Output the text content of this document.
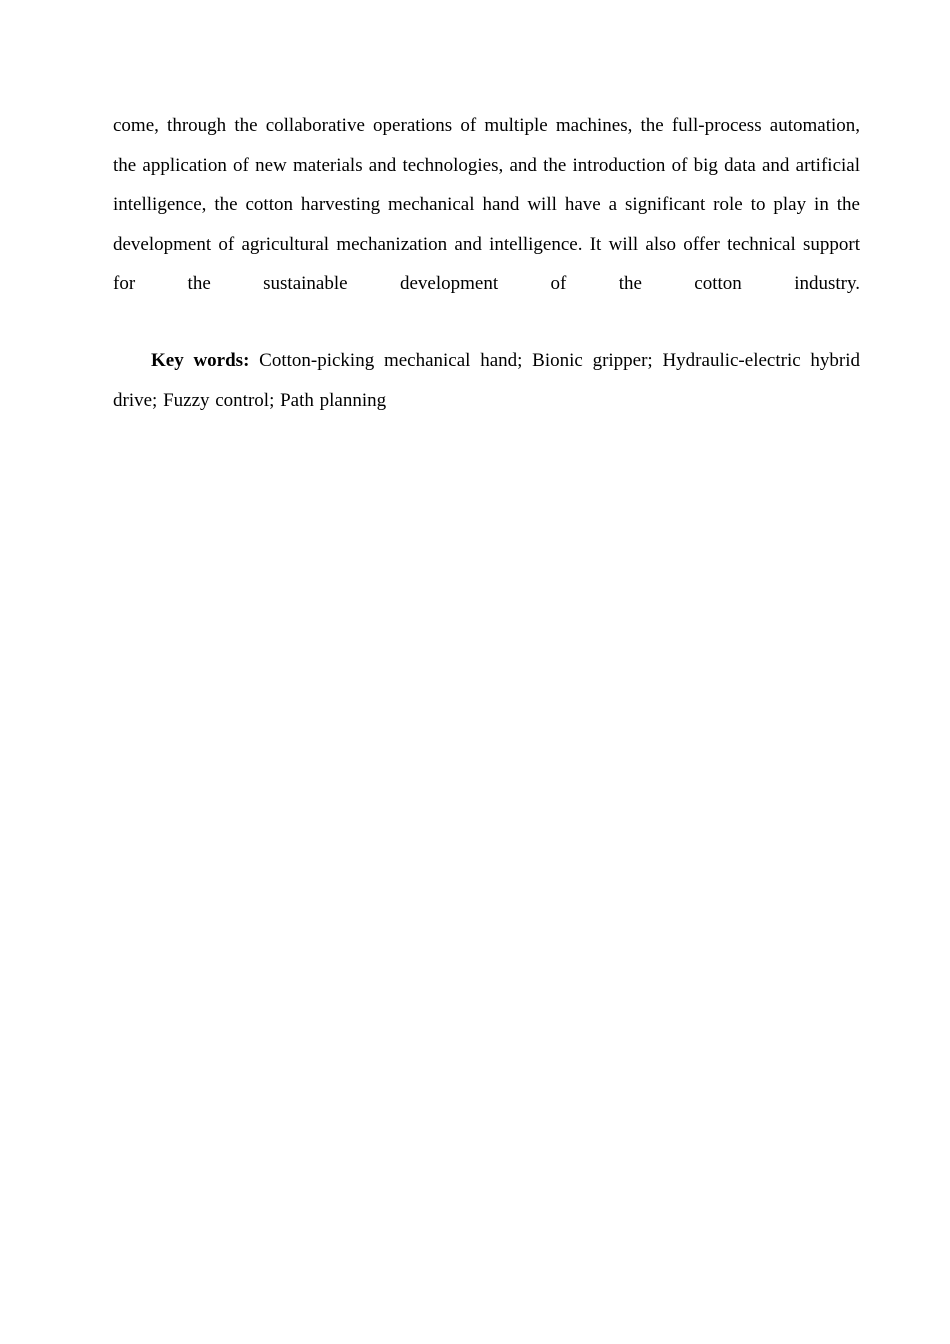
come, through the collaborative operations of multiple machines, the full-process automation, the application of new materials and technologies, and the introduction of big data and artificial intelligence, the cotton harvesting mechanical hand will have a significant role to play in the development of agricultural mechanization and intelligence. It will also offer technical support for the sustainable development of the cotton industry.

Key words: Cotton-picking mechanical hand; Bionic gripper; Hydraulic-electric hybrid drive; Fuzzy control; Path planning
